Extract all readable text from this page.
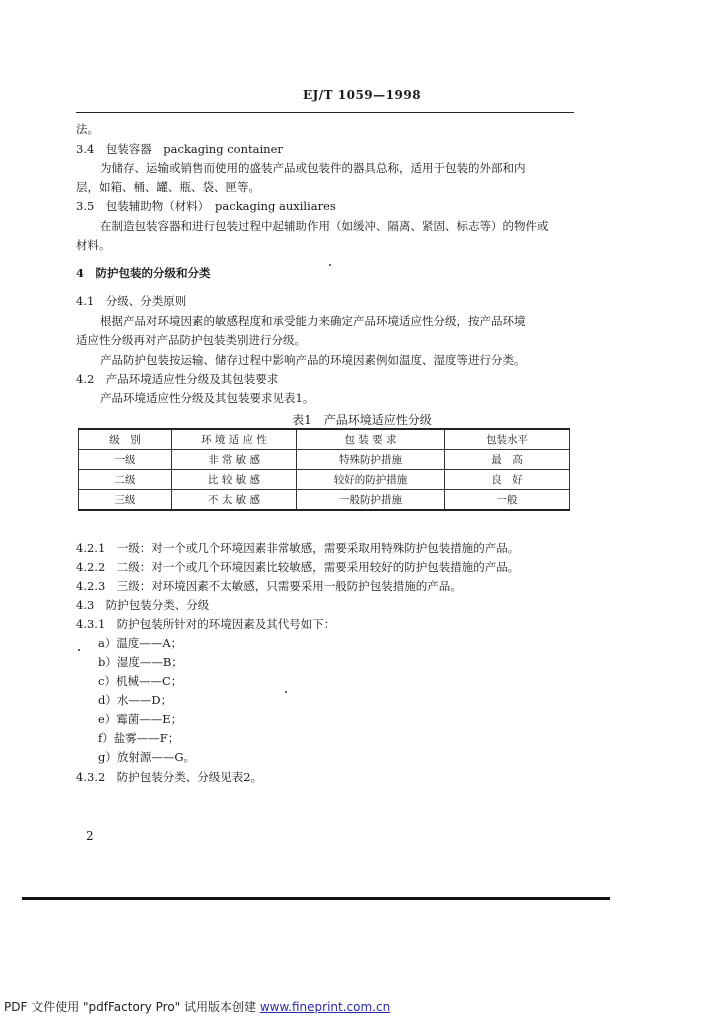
EJ/T 1059—1998
法。
3.4　包装容器　packaging container
为储存、运输或销售而使用的盛装产品或包装件的器具总称，适用于包装的外部和内
层，如箱、桶、罐、瓶、袋、匣等。
3.5　包装辅助物（材料）　packaging auxiliares
在制造包装容器和进行包装过程中起辅助作用（如缓冲、隔离、紧固、标志等）的物件或
材料。
4　防护包装的分级和分类
4.1　分级、分类原则
根据产品对环境因素的敏感程度和承受能力来确定产品环境适应性分级，按产品环境
适应性分级再对产品防护包装类别进行分级。
产品防护包装按运输、储存过程中影响产品的环境因素例如温度、湿度等进行分类。
4.2　产品环境适应性分级及其包装要求
产品环境适应性分级及其包装要求见表1。
表1　产品环境适应性分级
级　别	环 境 适 应 性	包 装 要 求	包装水平
一级	非 常 敏 感	特殊防护措施	最　高
二级	比 较 敏 感	较好的防护措施	良　好
三级	不 太 敏 感	一般防护措施	一般
4.2.1　一级：对一个或几个环境因素非常敏感，需要采取用特殊防护包装措施的产品。
4.2.2　二级：对一个或几个环境因素比较敏感，需要采用较好的防护包装措施的产品。
4.2.3　三级：对环境因素不太敏感，只需要采用一般防护包装措施的产品。
4.3　防护包装分类、分级
4.3.1　防护包装所针对的环境因素及其代号如下：
a）温度——A；
b）湿度——B；
c）机械——C；
d）水——D；
e）霉菌——E；
f）盐雾——F；
g）放射源——G。
4.3.2　防护包装分类、分级见表2。
2
PDF 文件使用 "pdfFactory Pro" 试用版本创建 www.fineprint.com.cn
